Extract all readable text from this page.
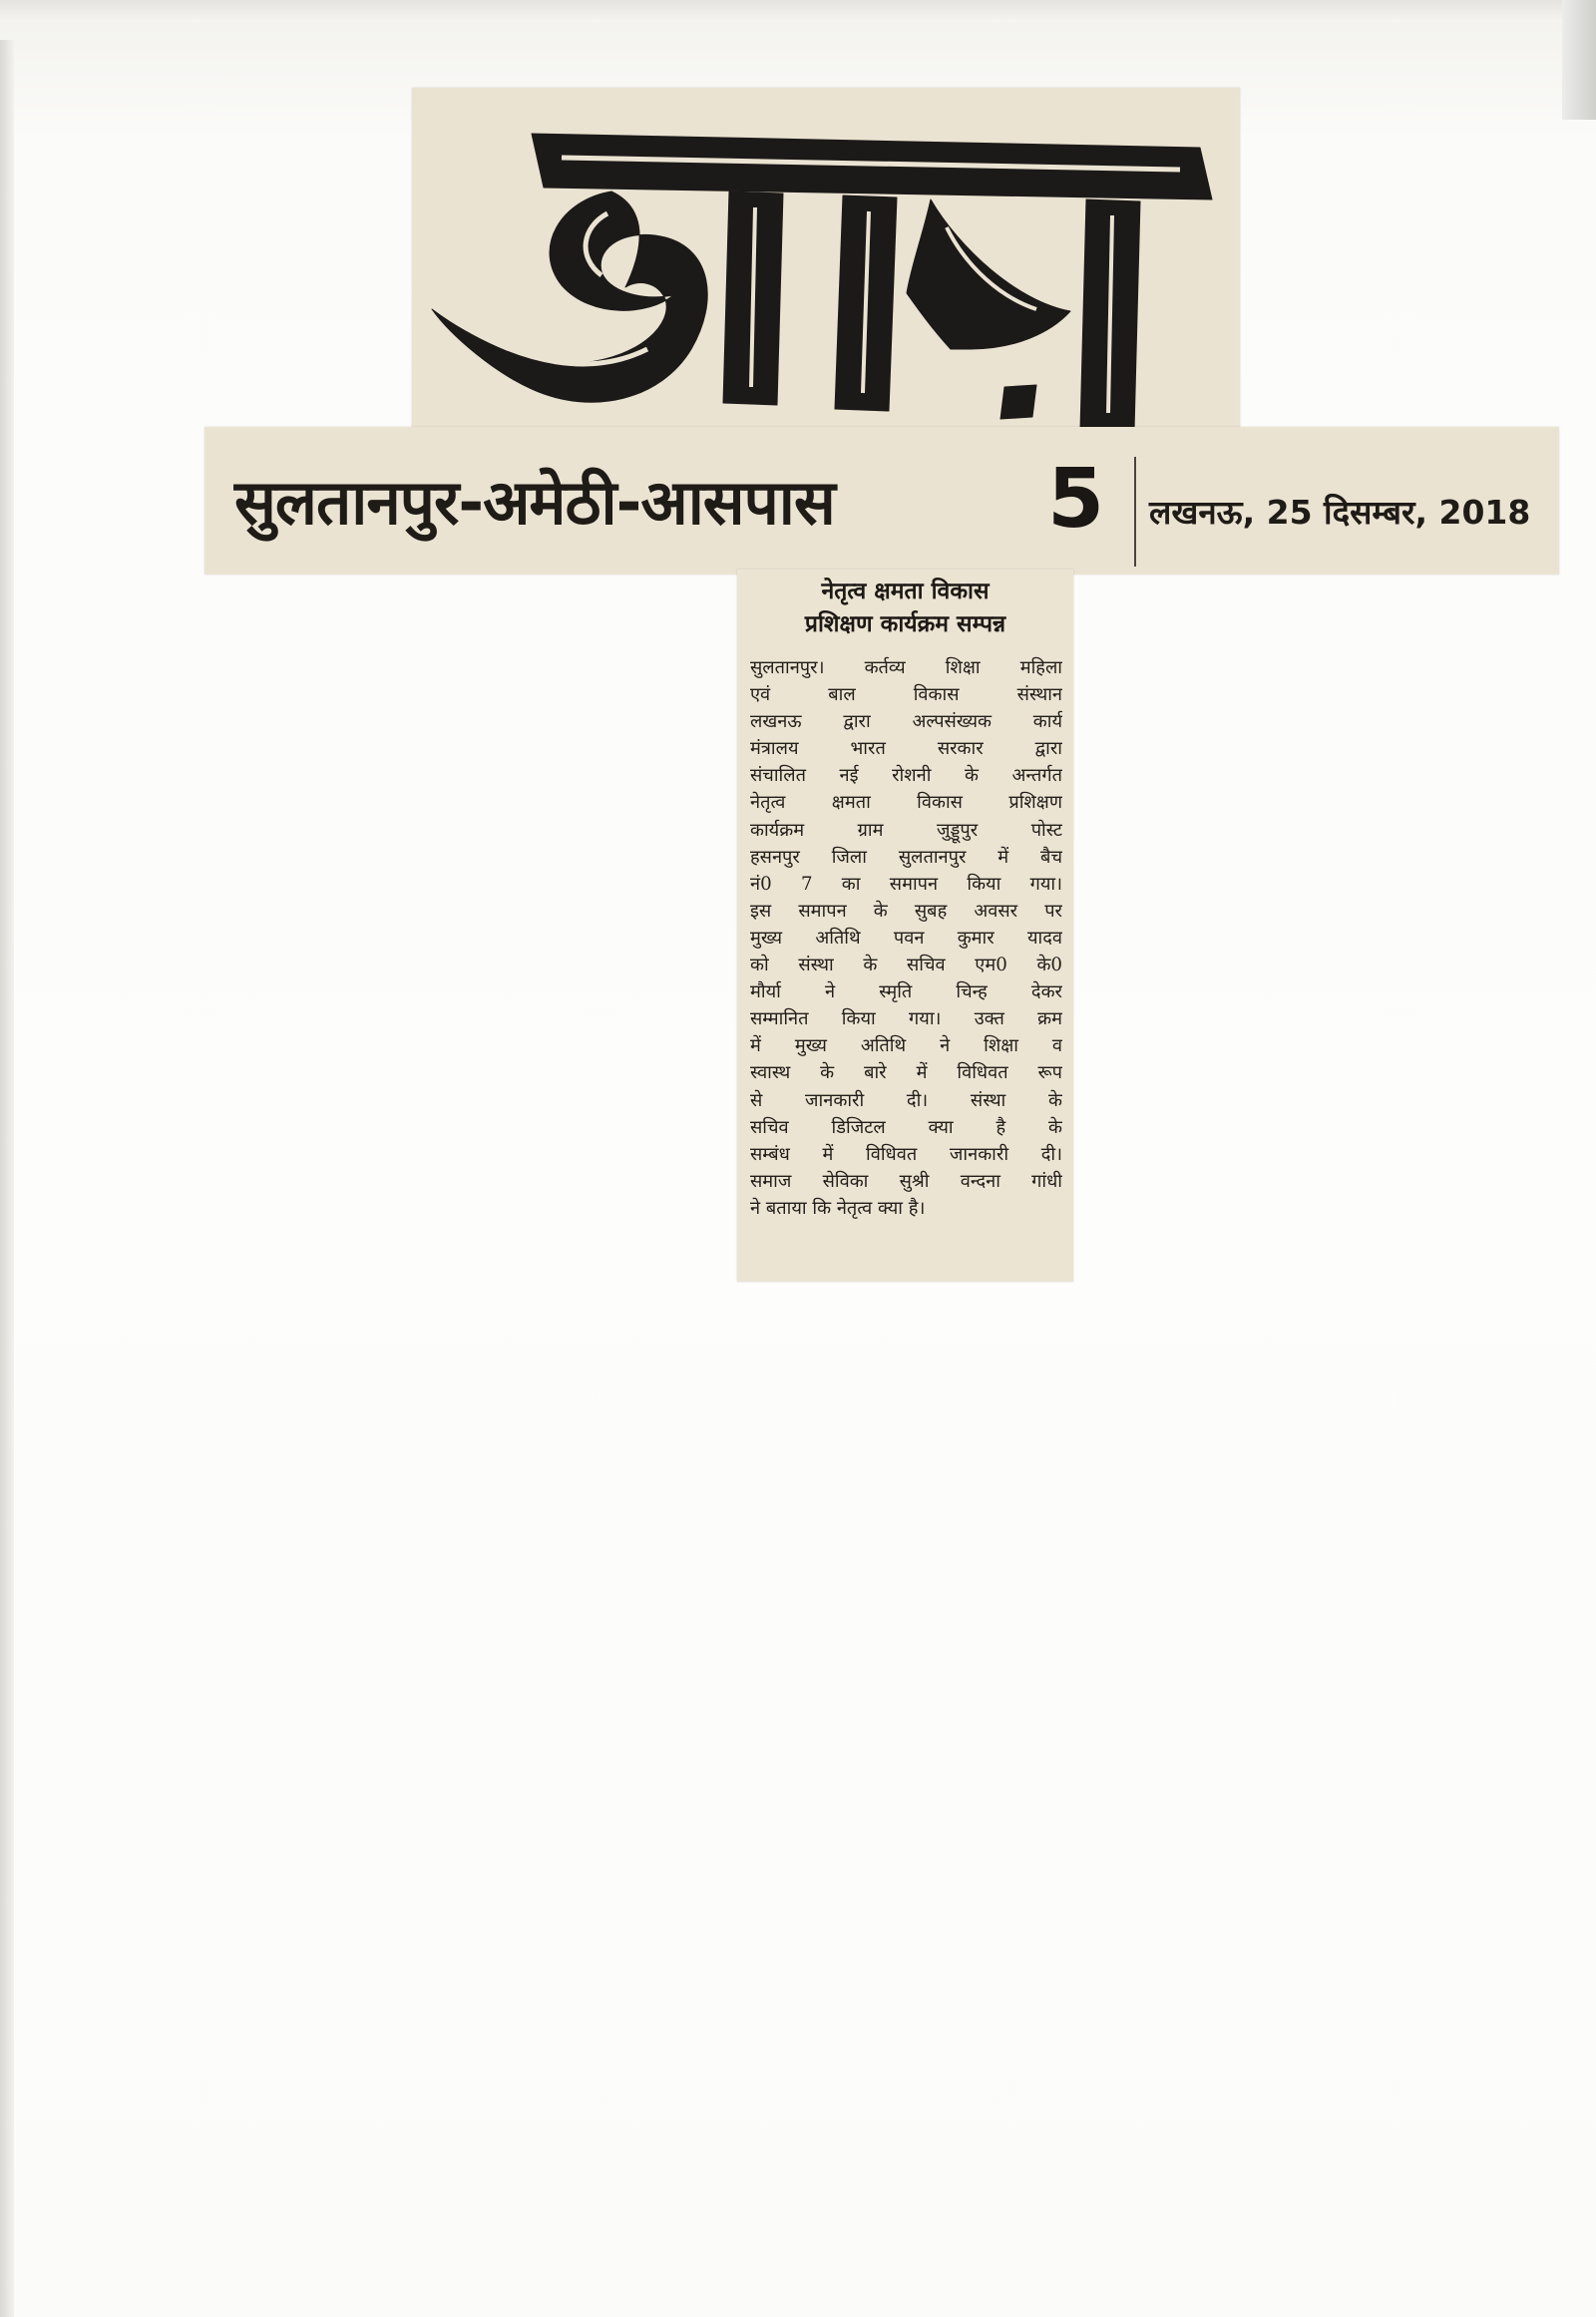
सुलतानपुर-अमेठी-आसपास	5 लखनऊ, 25 दिसम्बर, 2018
नेतृत्व क्षमता विकास
प्रशिक्षण कार्यक्रम सम्पन्न
सुलतानपुर। कर्तव्य शिक्षा महिला
एवं बाल विकास संस्थान
लखनऊ द्वारा अल्पसंख्यक कार्य
मंत्रालय भारत सरकार द्वारा
संचालित नई रोशनी के अन्तर्गत
नेतृत्व क्षमता विकास प्रशिक्षण
कार्यक्रम ग्राम जुड्डूपुर पोस्ट
हसनपुर जिला सुलतानपुर में बैच
नं0 7 का समापन किया गया।
इस समापन के सुबह अवसर पर
मुख्य अतिथि पवन कुमार यादव
को संस्था के सचिव एम0 के0
मौर्या ने स्मृति चिन्ह देकर
सम्मानित किया गया। उक्त क्रम
में मुख्य अतिथि ने शिक्षा व
स्वास्थ के बारे में विधिवत रूप
से जानकारी दी। संस्था के
सचिव डिजिटल क्या है के
सम्बंध में विधिवत जानकारी दी।
समाज सेविका सुश्री वन्दना गांधी
ने बताया कि नेतृत्व क्या है।
